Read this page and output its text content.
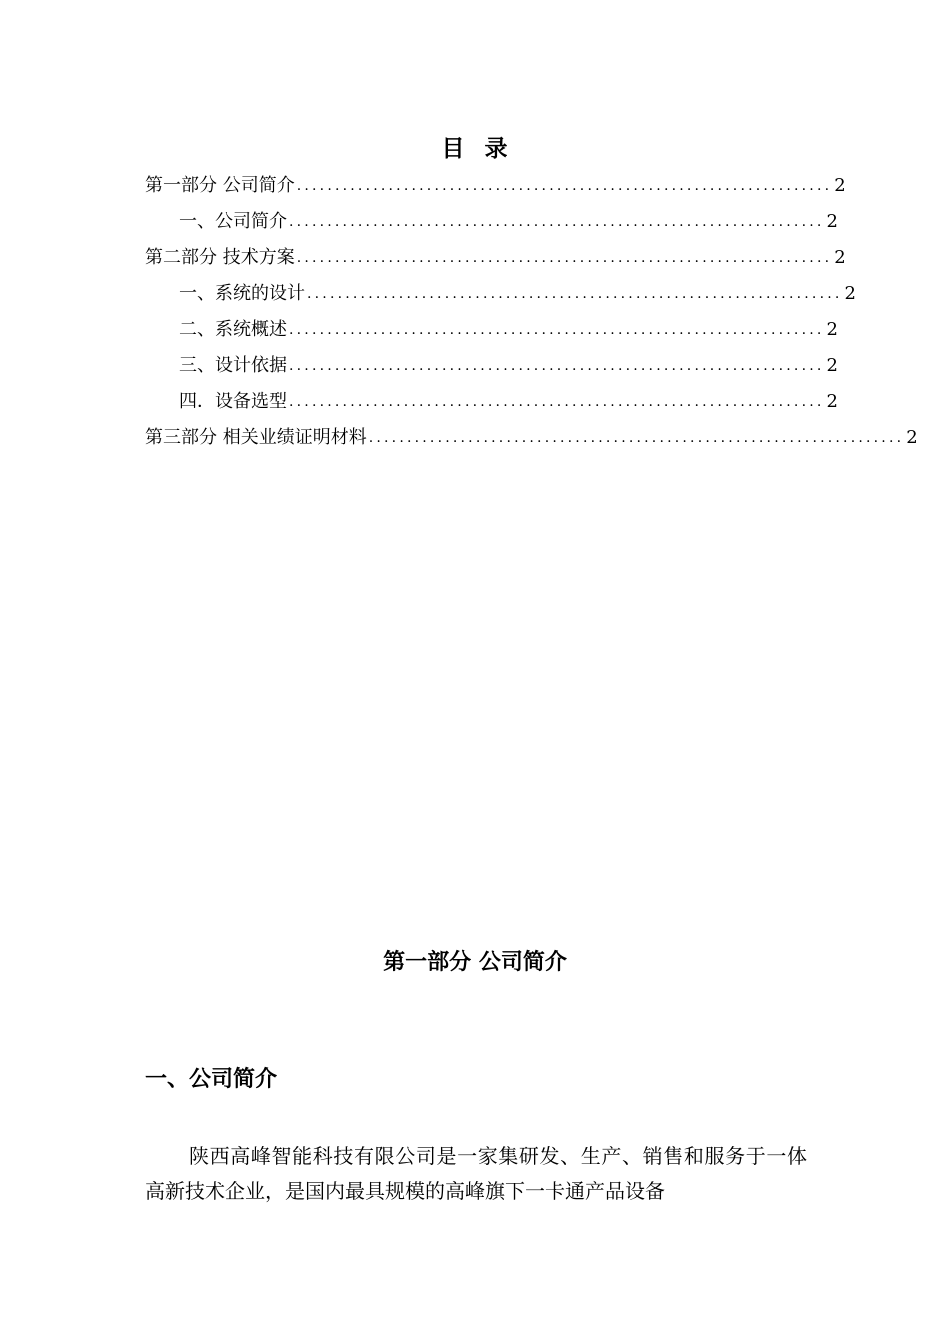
目 录
第一部分 公司简介 ...................................................................... 2
一、公司简介 ...................................................................... 2
第二部分 技术方案 ...................................................................... 2
一、系统的设计 ...................................................................... 2
二、系统概述 ...................................................................... 2
三、设计依据 ...................................................................... 2
四．设备选型 ...................................................................... 2
第三部分 相关业绩证明材料 ...................................................................... 2
第一部分 公司简介
一、公司简介

陕西高峰智能科技有限公司是一家集研发、生产、销售和服务于一体高新技术企业，是国内最具规模的高峰旗下一卡通产品设备
